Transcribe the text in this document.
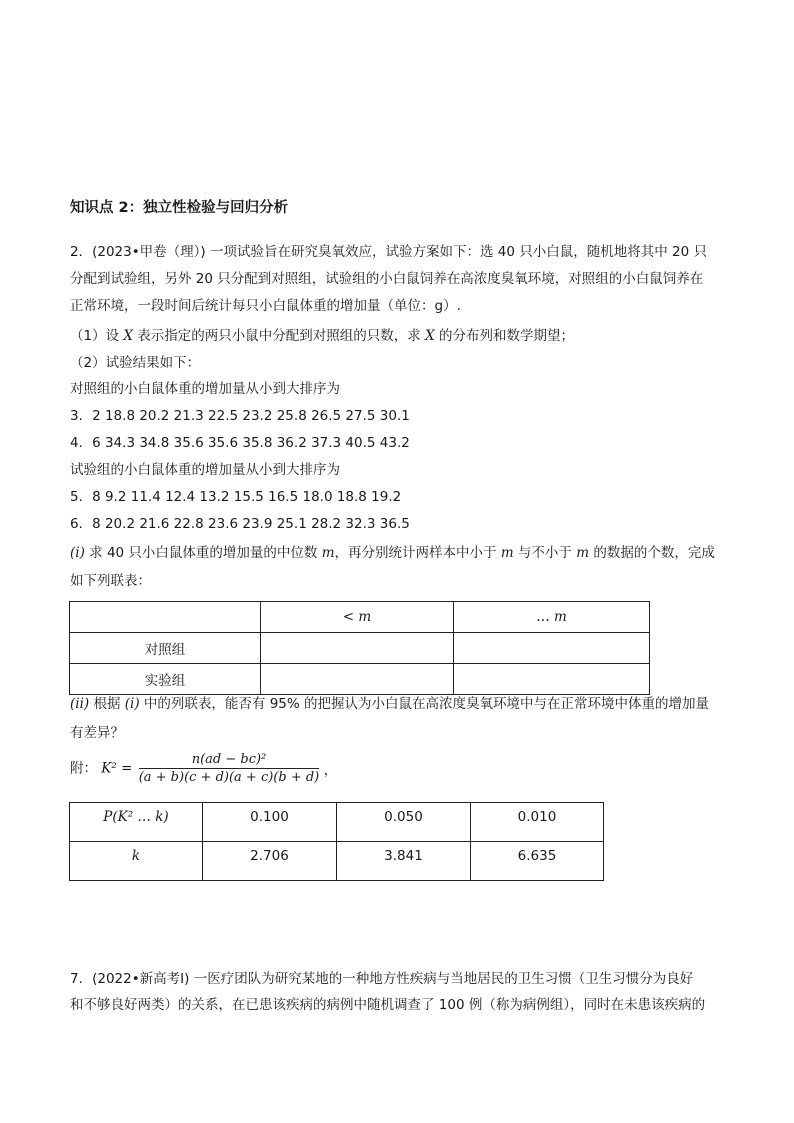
知识点 2：独立性检验与回归分析
2．(2023•甲卷（理）) 一项试验旨在研究臭氧效应，试验方案如下：选 40 只小白鼠，随机地将其中 20 只
分配到试验组，另外 20 只分配到对照组，试验组的小白鼠饲养在高浓度臭氧环境，对照组的小白鼠饲养在
正常环境，一段时间后统计每只小白鼠体重的增加量（单位：g）.
（1）设 X 表示指定的两只小鼠中分配到对照组的只数，求 X 的分布列和数学期望；
（2）试验结果如下：
对照组的小白鼠体重的增加量从小到大排序为
3．2 18.8 20.2 21.3 22.5 23.2 25.8 26.5 27.5 30.1
4．6 34.3 34.8 35.6 35.6 35.8 36.2 37.3 40.5 43.2
试验组的小白鼠体重的增加量从小到大排序为
5．8 9.2 11.4 12.4 13.2 15.5 16.5 18.0 18.8 19.2
6．8 20.2 21.6 22.8 23.6 23.9 25.1 28.2 32.3 36.5
(i) 求 40 只小白鼠体重的增加量的中位数 m，再分别统计两样本中小于 m 与不小于 m 的数据的个数，完成
如下列联表：
	< m	… m
对照组		
实验组		
(ii) 根据 (i) 中的列联表，能否有 95% 的把握认为小白鼠在高浓度臭氧环境中与在正常环境中体重的增加量
有差异？
附： $K^2 = \frac{\text{n(ad − bc)²}}{(a + b)(c + d)(a + c)(b + d)}$ ，
P(K² … k)	0.100	0.050	0.010
k	2.706	3.841	6.635
7．(2022•新高考Ⅰ) 一医疗团队为研究某地的一种地方性疾病与当地居民的卫生习惯（卫生习惯分为良好
和不够良好两类）的关系，在已患该疾病的病例中随机调查了 100 例（称为病例组），同时在未患该疾病的
